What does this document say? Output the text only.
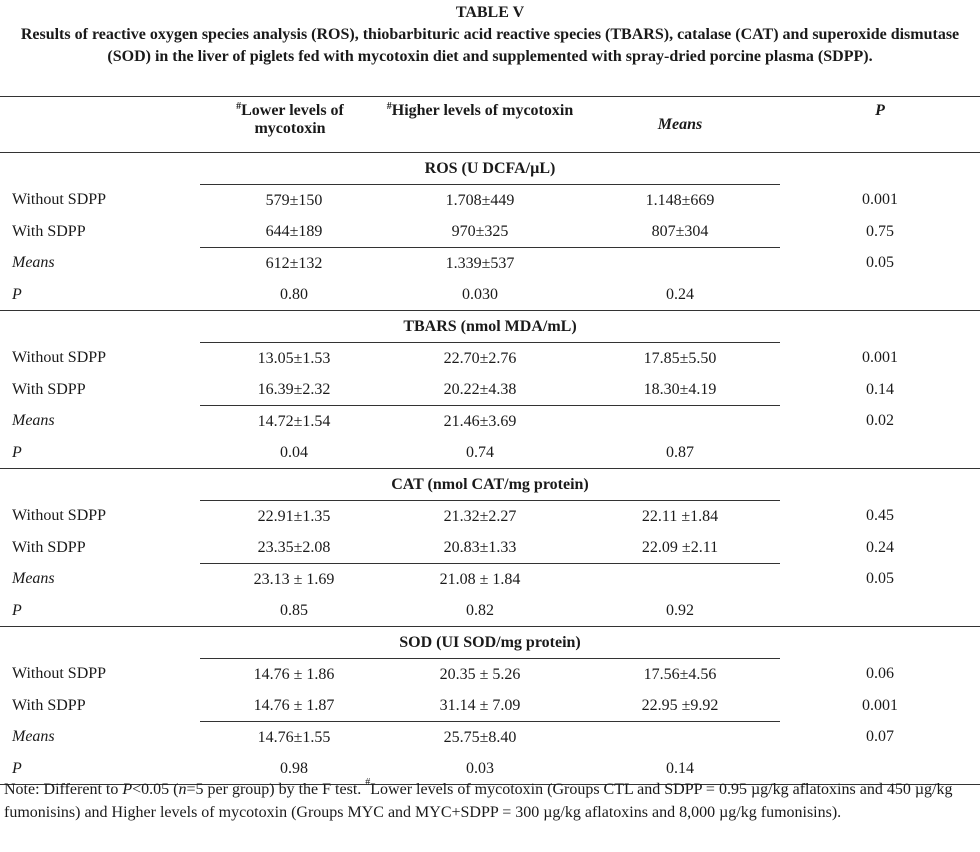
TABLE V
Results of reactive oxygen species analysis (ROS), thiobarbituric acid reactive species (TBARS), catalase (CAT) and superoxide dismutase (SOD) in the liver of piglets fed with mycotoxin diet and supplemented with spray-dried porcine plasma (SDPP).
	#Lower levels of mycotoxin	#Higher levels of mycotoxin	Means	P
	ROS (U DCFA/µL)			
Without SDPP	579±150	1.708±449	1.148±669	0.001
With SDPP	644±189	970±325	807±304	0.75
Means	612±132	1.339±537		0.05
P	0.80	0.030	0.24	
	TBARS (nmol MDA/mL)			
Without SDPP	13.05±1.53	22.70±2.76	17.85±5.50	0.001
With SDPP	16.39±2.32	20.22±4.38	18.30±4.19	0.14
Means	14.72±1.54	21.46±3.69		0.02
P	0.04	0.74	0.87	
	CAT (nmol CAT/mg protein)			
Without SDPP	22.91±1.35	21.32±2.27	22.11 ±1.84	0.45
With SDPP	23.35±2.08	20.83±1.33	22.09 ±2.11	0.24
Means	23.13 ± 1.69	21.08 ± 1.84		0.05
P	0.85	0.82	0.92	
	SOD (UI SOD/mg protein)			
Without SDPP	14.76 ± 1.86	20.35 ± 5.26	17.56±4.56	0.06
With SDPP	14.76 ± 1.87	31.14 ± 7.09	22.95 ±9.92	0.001
Means	14.76±1.55	25.75±8.40		0.07
P	0.98	0.03	0.14	
Note: Different to P<0.05 (n=5 per group) by the F test. #Lower levels of mycotoxin (Groups CTL and SDPP = 0.95 µg/kg aflatoxins and 450 µg/kg fumonisins) and Higher levels of mycotoxin (Groups MYC and MYC+SDPP = 300 µg/kg aflatoxins and 8,000 µg/kg fumonisins).
